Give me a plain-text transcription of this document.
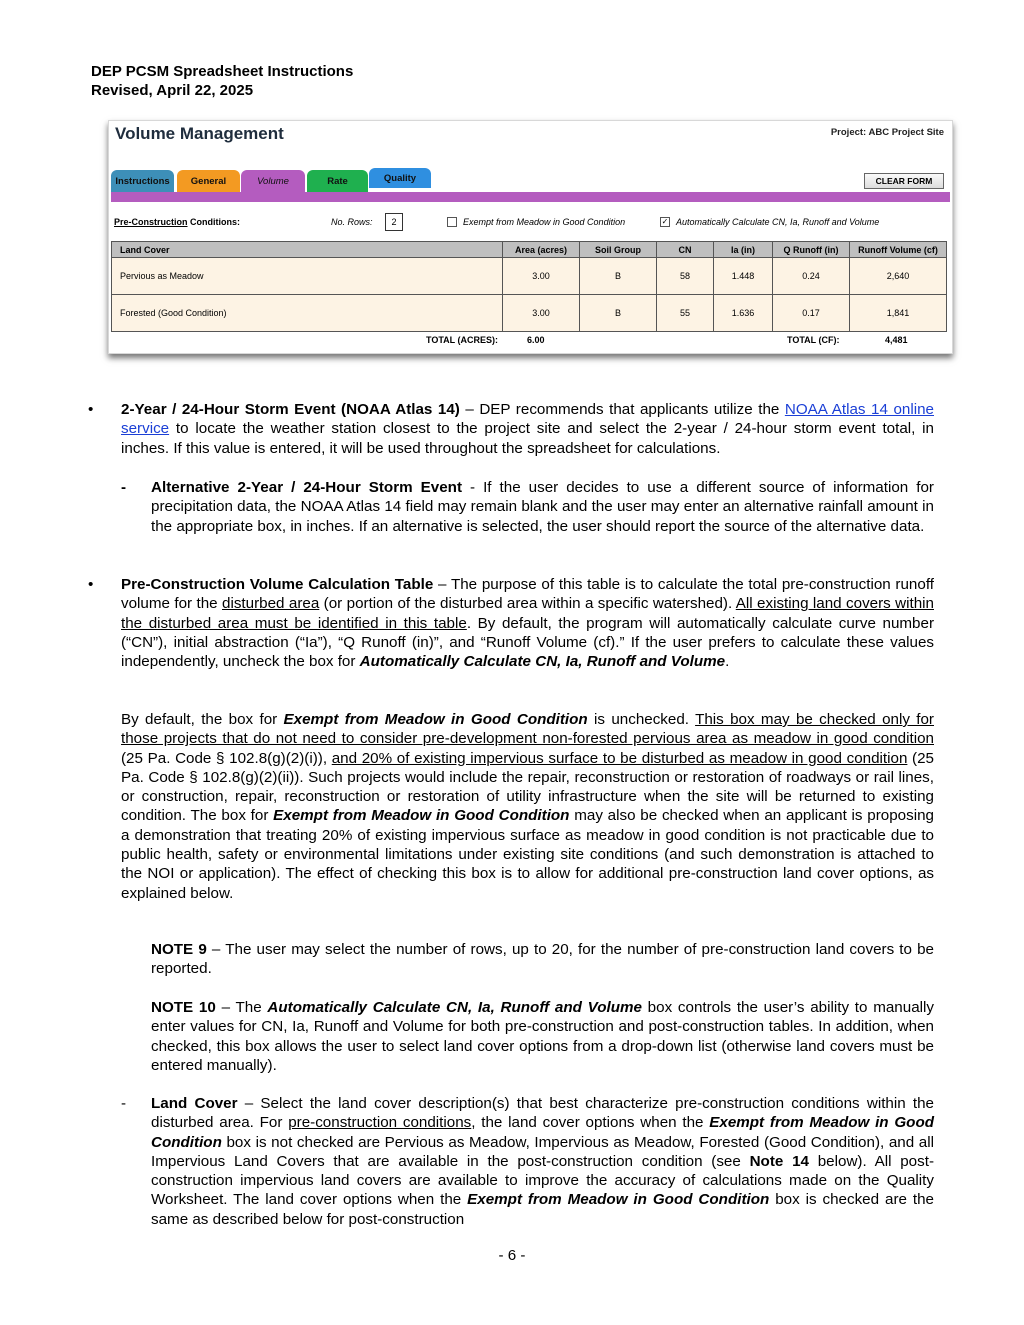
DEP PCSM Spreadsheet Instructions
Revised, April 22, 2025
Volume Management	Project: ABC Project Site
Instructions	General	Volume	Rate	Quality	CLEAR FORM
Pre-Construction Conditions:	No. Rows:	2	Exempt from Meadow in Good Condition	✓ Automatically Calculate CN, Ia, Runoff and Volume
Land Cover	Area (acres)	Soil Group	CN	Ia (in)	Q Runoff (in)	Runoff Volume (cf)
Pervious as Meadow	3.00	B	58	1.448	0.24	2,640
Forested (Good Condition)	3.00	B	55	1.636	0.17	1,841
TOTAL (ACRES):	6.00	TOTAL (CF):	4,481
• 2-Year / 24-Hour Storm Event (NOAA Atlas 14) – DEP recommends that applicants utilize the NOAA Atlas 14 online service to locate the weather station closest to the project site and select the 2-year / 24-hour storm event total, in inches. If this value is entered, it will be used throughout the spreadsheet for calculations.
- Alternative 2-Year / 24-Hour Storm Event - If the user decides to use a different source of information for precipitation data, the NOAA Atlas 14 field may remain blank and the user may enter an alternative rainfall amount in the appropriate box, in inches. If an alternative is selected, the user should report the source of the alternative data.
• Pre-Construction Volume Calculation Table – The purpose of this table is to calculate the total pre-construction runoff volume for the disturbed area (or portion of the disturbed area within a specific watershed). All existing land covers within the disturbed area must be identified in this table. By default, the program will automatically calculate curve number (“CN”), initial abstraction (“Ia”), “Q Runoff (in)”, and “Runoff Volume (cf).” If the user prefers to calculate these values independently, uncheck the box for Automatically Calculate CN, Ia, Runoff and Volume.
By default, the box for Exempt from Meadow in Good Condition is unchecked. This box may be checked only for those projects that do not need to consider pre-development non-forested pervious area as meadow in good condition (25 Pa. Code § 102.8(g)(2)(i)), and 20% of existing impervious surface to be disturbed as meadow in good condition (25 Pa. Code § 102.8(g)(2)(ii)). Such projects would include the repair, reconstruction or restoration of roadways or rail lines, or construction, repair, reconstruction or restoration of utility infrastructure when the site will be returned to existing condition. The box for Exempt from Meadow in Good Condition may also be checked when an applicant is proposing a demonstration that treating 20% of existing impervious surface as meadow in good condition is not practicable due to public health, safety or environmental limitations under existing site conditions (and such demonstration is attached to the NOI or application). The effect of checking this box is to allow for additional pre-construction land cover options, as explained below.
NOTE 9 – The user may select the number of rows, up to 20, for the number of pre-construction land covers to be reported.
NOTE 10 – The Automatically Calculate CN, Ia, Runoff and Volume box controls the user’s ability to manually enter values for CN, Ia, Runoff and Volume for both pre-construction and post-construction tables. In addition, when checked, this box allows the user to select land cover options from a drop-down list (otherwise land covers must be entered manually).
- Land Cover – Select the land cover description(s) that best characterize pre-construction conditions within the disturbed area. For pre-construction conditions, the land cover options when the Exempt from Meadow in Good Condition box is not checked are Pervious as Meadow, Impervious as Meadow, Forested (Good Condition), and all Impervious Land Covers that are available in the post-construction condition (see Note 14 below). All post-construction impervious land covers are available to improve the accuracy of calculations made on the Quality Worksheet. The land cover options when the Exempt from Meadow in Good Condition box is checked are the same as described below for post-construction
- 6 -
